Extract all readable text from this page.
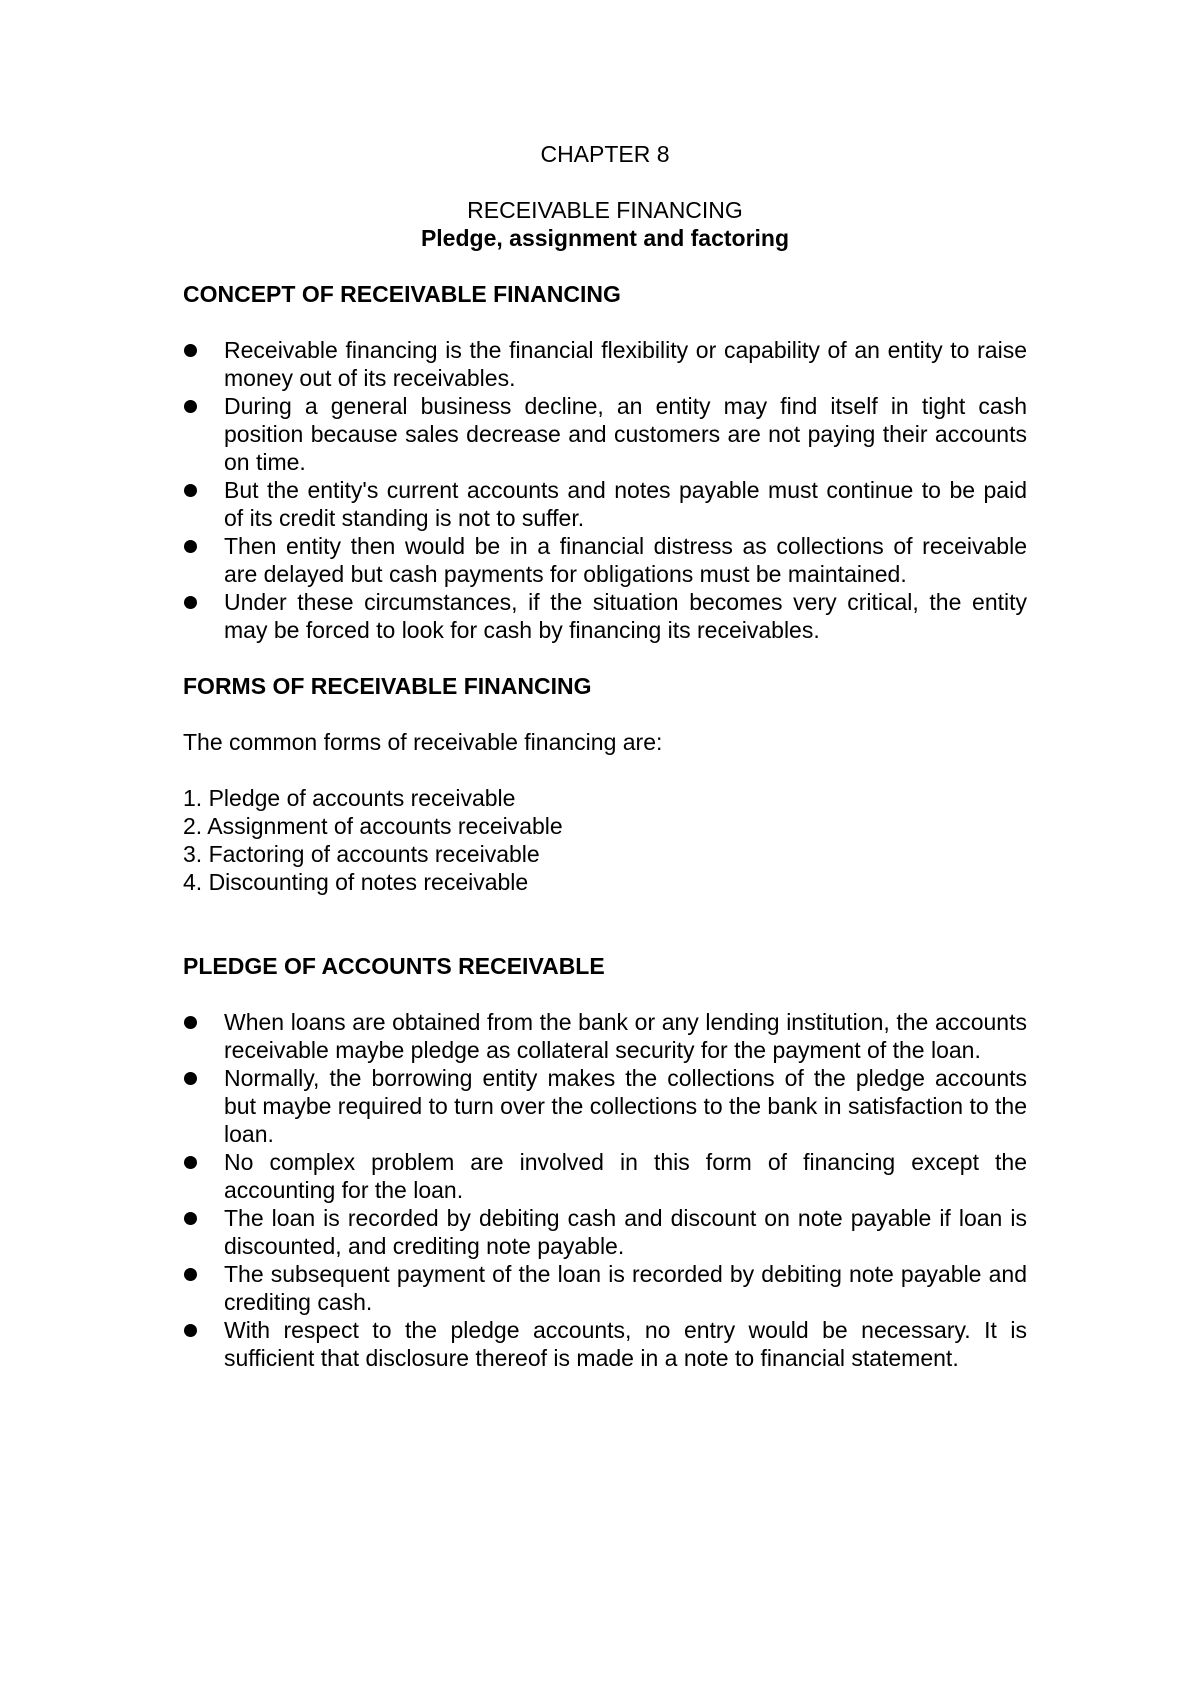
CHAPTER 8
RECEIVABLE FINANCING
Pledge, assignment and factoring
CONCEPT OF RECEIVABLE FINANCING
Receivable financing is the financial flexibility or capability of an entity to raise money out of its receivables.
During a general business decline, an entity may find itself in tight cash position because sales decrease and customers are not paying their accounts on time.
But the entity's current accounts and notes payable must continue to be paid of its credit standing is not to suffer.
Then entity then would be in a financial distress as collections of receivable are delayed but cash payments for obligations must be maintained.
Under these circumstances, if the situation becomes very critical, the entity may be forced to look for cash by financing its receivables.
FORMS OF RECEIVABLE FINANCING

The common forms of receivable financing are:

1. Pledge of accounts receivable
2. Assignment of accounts receivable
3. Factoring of accounts receivable
4. Discounting of notes receivable
PLEDGE OF ACCOUNTS RECEIVABLE
When loans are obtained from the bank or any lending institution, the accounts receivable maybe pledge as collateral security for the payment of the loan.
Normally, the borrowing entity makes the collections of the pledge accounts but maybe required to turn over the collections to the bank in satisfaction to the loan.
No complex problem are involved in this form of financing except the accounting for the loan.
The loan is recorded by debiting cash and discount on note payable if loan is discounted, and crediting note payable.
The subsequent payment of the loan is recorded by debiting note payable and crediting cash.
With respect to the pledge accounts, no entry would be necessary. It is sufficient that disclosure thereof is made in a note to financial statement.
